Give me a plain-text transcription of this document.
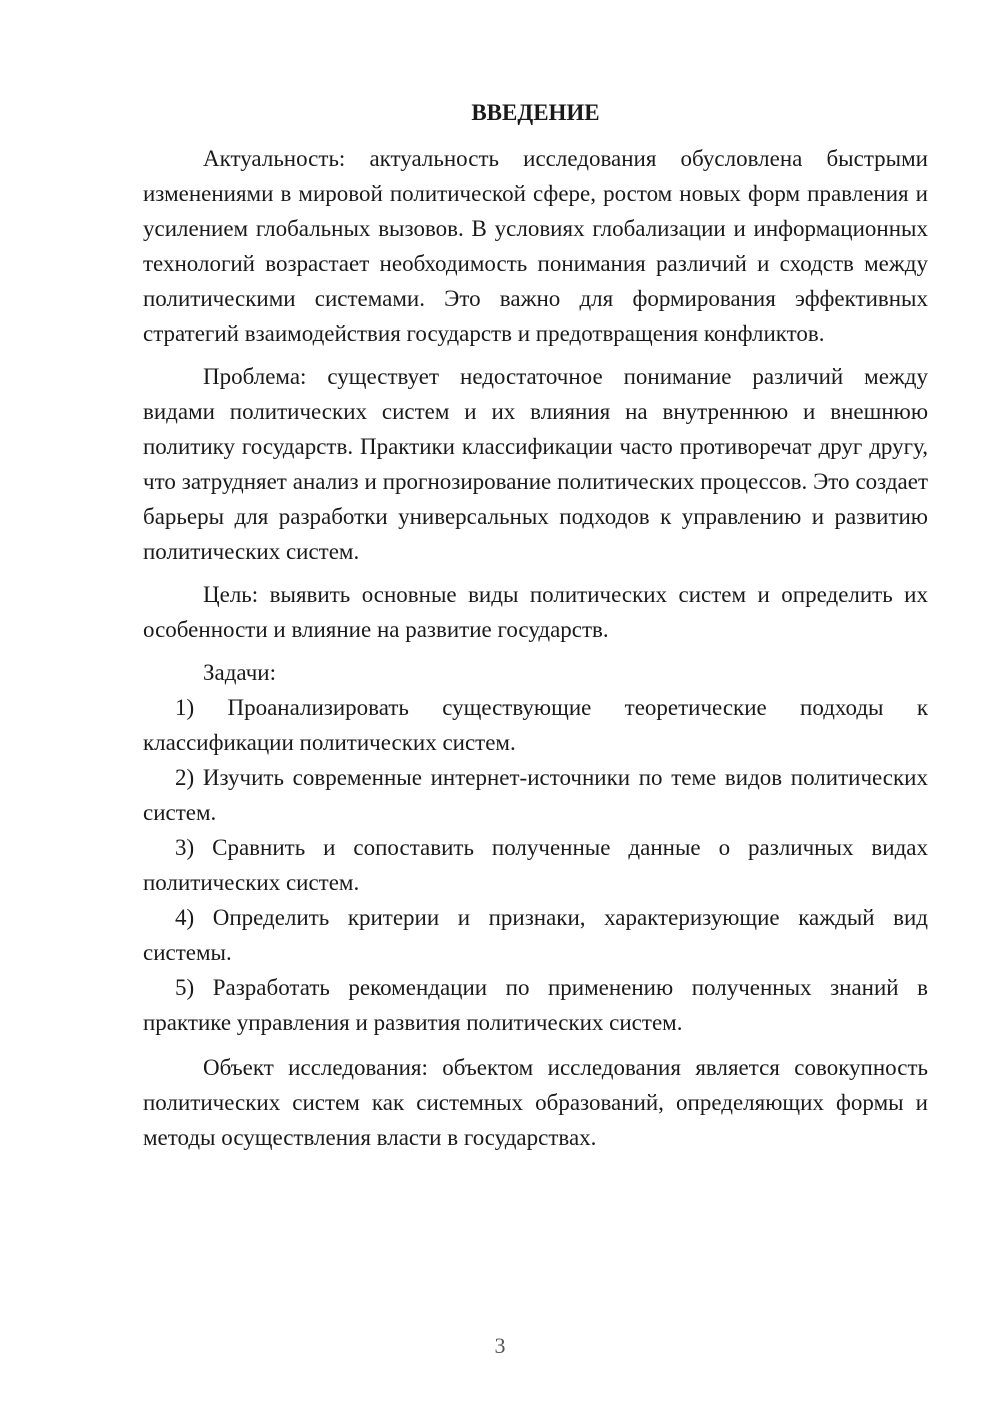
ВВЕДЕНИЕ

Актуальность: актуальность исследования обусловлена быстрыми изменениями в мировой политической сфере, ростом новых форм правления и усилением глобальных вызовов. В условиях глобализации и информационных технологий возрастает необходимость понимания различий и сходств между политическими системами. Это важно для формирования эффективных стратегий взаимодействия государств и предотвращения конфликтов.

Проблема: существует недостаточное понимание различий между видами политических систем и их влияния на внутреннюю и внешнюю политику государств. Практики классификации часто противоречат друг другу, что затрудняет анализ и прогнозирование политических процессов. Это создает барьеры для разработки универсальных подходов к управлению и развитию политических систем.

Цель: выявить основные виды политических систем и определить их особенности и влияние на развитие государств.

Задачи:

1) Проанализировать существующие теоретические подходы к классификации политических систем.

2) Изучить современные интернет-источники по теме видов политических систем.

3) Сравнить и сопоставить полученные данные о различных видах политических систем.

4) Определить критерии и признаки, характеризующие каждый вид системы.

5) Разработать рекомендации по применению полученных знаний в практике управления и развития политических систем.

Объект исследования: объектом исследования является совокупность политических систем как системных образований, определяющих формы и методы осуществления власти в государствах.

3
